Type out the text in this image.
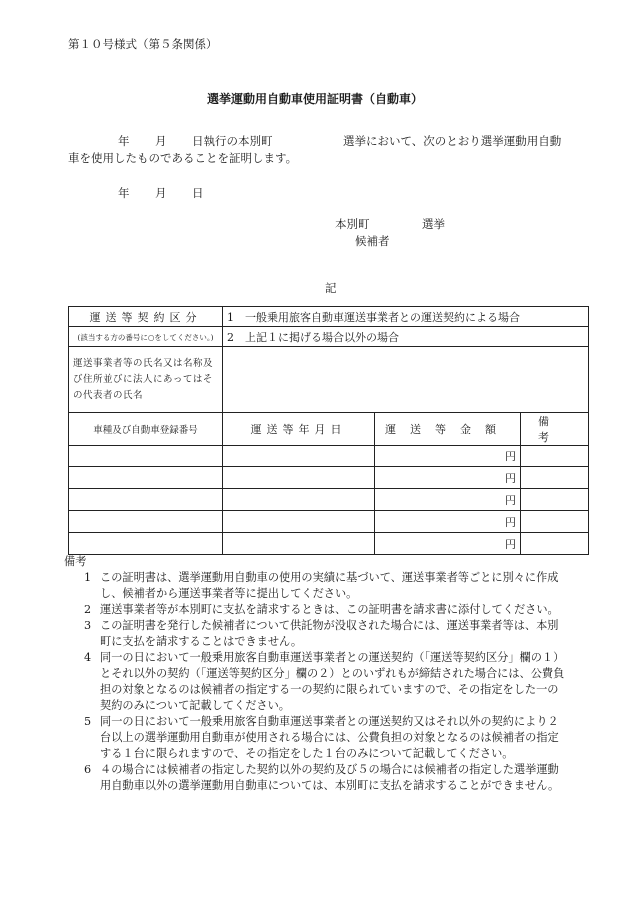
第１０号様式（第５条関係）
選挙運動用自動車使用証明書（自動車）
年 月 日執行の本別町	選挙において、次のとおり選挙運動用自動
車を使用したものであることを証明します。
年 月 日
本別町	選挙
候補者
記
運送等契約区分	1　一般乗用旅客自動車運送事業者との運送契約による場合		
(該当する方の番号に○をしてください。)	2　上記１に掲げる場合以外の場合		
運送事業者等の氏名又は名称及び住所並びに法人にあってはその代表者の氏名			
車種及び自動車登録番号	運送等年月日	運送等金額	備考
		円	
		円	
		円	
		円	
		円	
備考
1 この証明書は、選挙運動用自動車の使用の実績に基づいて、運送事業者等ごとに別々に作成し、候補者から運送事業者等に提出してください。
2 運送事業者等が本別町に支払を請求するときは、この証明書を請求書に添付してください。
3 この証明書を発行した候補者について供託物が没収された場合には、運送事業者等は、本別町に支払を請求することはできません。
4 同一の日において一般乗用旅客自動車運送事業者との運送契約（「運送等契約区分」欄の１）とそれ以外の契約（「運送等契約区分」欄の２）とのいずれもが締結された場合には、公費負担の対象となるのは候補者の指定する一の契約に限られていますので、その指定をした一の契約のみについて記載してください。
5 同一の日において一般乗用旅客自動車運送事業者との運送契約又はそれ以外の契約により２台以上の選挙運動用自動車が使用される場合には、公費負担の対象となるのは候補者の指定する１台に限られますので、その指定をした１台のみについて記載してください。
6 ４の場合には候補者の指定した契約以外の契約及び５の場合には候補者の指定した選挙運動用自動車以外の選挙運動用自動車については、本別町に支払を請求することができません。
